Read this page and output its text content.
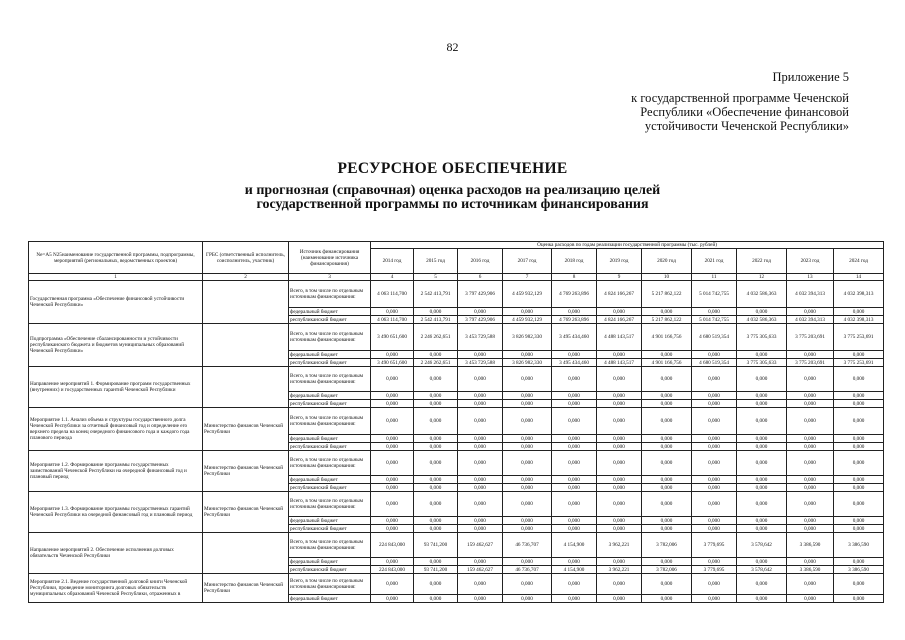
82
Приложение 5
к государственной программе Чеченской
Республики «Обеспечение финансовой
устойчивости Чеченской Республики»
РЕСУРСНОЕ ОБЕСПЕЧЕНИЕ
и прогнозная (справочная) оценка расходов на реализацию целей
государственной программы по источникам финансирования
Ne=А5 N25наименование государственной программы, подпрограммы, мероприятий (региональных, ведомственных проектов)	ГРБС (ответственный исполнитель, соисполнитель, участник)	Источник финансирования (наименование источника финансирования)	Оценка расходов по годам реализации государственной программы (тыс. рублей)										
			2014 год	2015 год	2016 год	2017 год	2018 год	2019 год	2020 год	2021 год	2022 год	2023 год	2024 год
1	2	3	4	5	6	7	8	9	10	11	12	13	14
Государственная программа «Обеспечение финансовой устойчивости Чеченской Республики»		Всего, в том числе по отдельным источникам финансирования:	4 063 114,700	2 542 413,791	3 797 429,906	4 459 932,129	4 769 263,896	4 824 166,267	5 217 862,122	5 014 742,755	4 032 586,363	4 032 394,313	4 032 398,313
		федеральный бюджет	0,000	0,000	0,000	0,000	0,000	0,000	0,000	0,000	0,000	0,000	0,000
		республиканский бюджет	4 063 114,700	2 542 413,791	3 797 429,906	4 459 932,129	4 769 263,896	4 824 166,267	5 217 862,122	5 014 742,755	4 032 586,363	4 032 394,313	4 032 398,313
Подпрограмма «Обеспечение сбалансированности и устойчивости республиканского бюджета и бюджетов муниципальных образований Чеченской Республики»		Всего, в том числе по отдельным источникам финансирования:	3 490 651,600	2 246 262,651	3 453 729,588	3 826 982,330	3 495 434,460	4 488 143,517	4 901 166,756	4 680 519,354	3 775 305,633	3 775 203,691	3 775 253,691
		федеральный бюджет	0,000	0,000	0,000	0,000	0,000	0,000	0,000	0,000	0,000	0,000	0,000
		республиканский бюджет	3 490 651,600	2 246 262,651	3 453 729,588	3 826 982,330	3 495 434,460	4 488 143,517	4 901 166,756	4 680 519,354	3 775 305,633	3 775 203,691	3 775 253,691
Направление мероприятий 1. Формирование программ государственных (внутренних) и государственных гарантий Чеченской Республики		Всего, в том числе по отдельным источникам финансирования:	0,000	0,000	0,000	0,000	0,000	0,000	0,000	0,000	0,000	0,000	0,000
		федеральный бюджет	0,000	0,000	0,000	0,000	0,000	0,000	0,000	0,000	0,000	0,000	0,000
		республиканский бюджет	0,000	0,000	0,000	0,000	0,000	0,000	0,000	0,000	0,000	0,000	0,000
Мероприятие 1.1. Анализ объема и структуры государственного долга Чеченской Республики за отчетный финансовый год и определение его верхнего предела на конец очередного финансового года и каждого года планового периода	Министерство финансов Чеченской Республики	Всего, в том числе по отдельным источникам финансирования:	0,000	0,000	0,000	0,000	0,000	0,000	0,000	0,000	0,000	0,000	0,000
		федеральный бюджет	0,000	0,000	0,000	0,000	0,000	0,000	0,000	0,000	0,000	0,000	0,000
		республиканский бюджет	0,000	0,000	0,000	0,000	0,000	0,000	0,000	0,000	0,000	0,000	0,000
Мероприятие 1.2. Формирование программы государственных заимствований Чеченской Республики на очередной финансовый год и плановый период	Министерство финансов Чеченской Республики	Всего, в том числе по отдельным источникам финансирования:	0,000	0,000	0,000	0,000	0,000	0,000	0,000	0,000	0,000	0,000	0,000
		федеральный бюджет	0,000	0,000	0,000	0,000	0,000	0,000	0,000	0,000	0,000	0,000	0,000
		республиканский бюджет	0,000	0,000	0,000	0,000	0,000	0,000	0,000	0,000	0,000	0,000	0,000
Мероприятие 1.3. Формирование программы государственных гарантий Чеченской Республики на очередной финансовый год и плановый период	Министерство финансов Чеченской Республики	Всего, в том числе по отдельным источникам финансирования:	0,000	0,000	0,000	0,000	0,000	0,000	0,000	0,000	0,000	0,000	0,000
		федеральный бюджет	0,000	0,000	0,000	0,000	0,000	0,000	0,000	0,000	0,000	0,000	0,000
		республиканский бюджет	0,000	0,000	0,000	0,000	0,000	0,000	0,000	0,000	0,000	0,000	0,000
Направление мероприятий 2. Обеспечение исполнения долговых обязательств Чеченской Республики		Всего, в том числе по отдельным источникам финансирования:	224 843,000	93 741,200	159 462,627	46 736,707	4 154,900	3 962,221	3 782,006	3 779,695	3 578,642	3 386,590	3 386,590
		федеральный бюджет	0,000	0,000	0,000	0,000	0,000	0,000	0,000	0,000	0,000	0,000	0,000
		республиканский бюджет	224 843,000	93 741,200	159 462,627	46 736,707	4 154,900	3 962,221	3 782,006	3 779,695	3 578,642	3 386,590	3 386,590
Мероприятие 2.1. Ведение государственной долговой книги Чеченской Республики, проведение мониторинга долговых обязательств муниципальных образований Чеченской Республики, отраженных в	Министерство финансов Чеченской Республики	Всего, в том числе по отдельным источникам финансирования:	0,000	0,000	0,000	0,000	0,000	0,000	0,000	0,000	0,000	0,000	0,000
		федеральный бюджет	0,000	0,000	0,000	0,000	0,000	0,000	0,000	0,000	0,000	0,000	0,000
